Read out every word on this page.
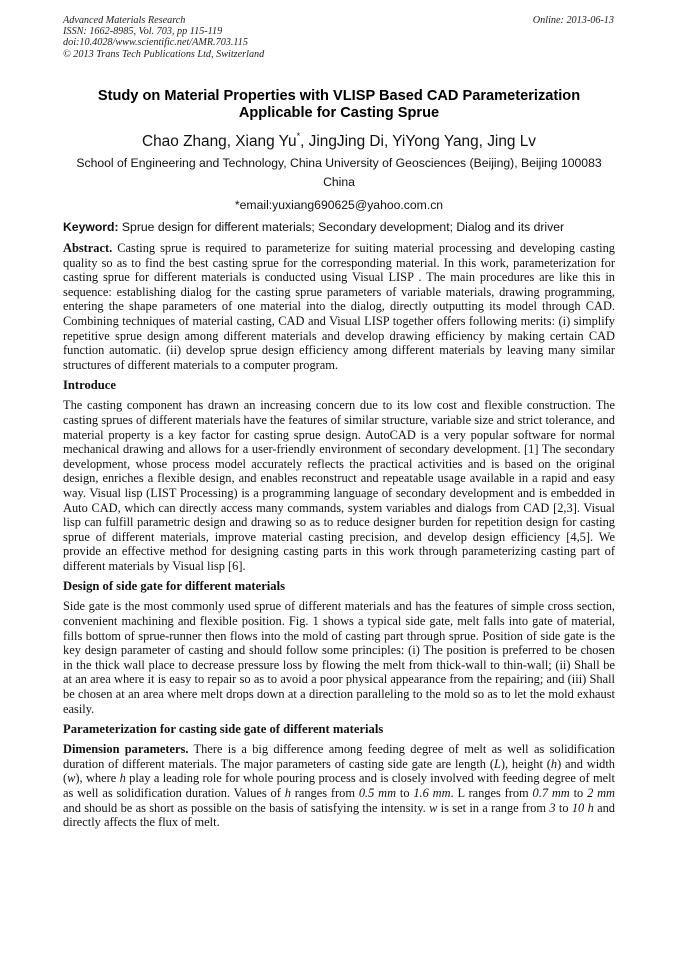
Advanced Materials Research
ISSN: 1662-8985, Vol. 703, pp 115-119
doi:10.4028/www.scientific.net/AMR.703.115
© 2013 Trans Tech Publications Ltd, Switzerland
Online: 2013-06-13
Study on Material Properties with VLISP Based CAD Parameterization Applicable for Casting Sprue
Chao Zhang, Xiang Yu*, JingJing Di, YiYong Yang, Jing Lv
School of Engineering and Technology, China University of Geosciences (Beijing), Beijing 100083 China
*email:yuxiang690625@yahoo.com.cn
Keyword: Sprue design for different materials; Secondary development; Dialog and its driver

Abstract. Casting sprue is required to parameterize for suiting material processing and developing casting quality so as to find the best casting sprue for the corresponding material. In this work, parameterization for casting sprue for different materials is conducted using Visual LISP . The main procedures are like this in sequence: establishing dialog for the casting sprue parameters of variable materials, drawing programming, entering the shape parameters of one material into the dialog, directly outputting its model through CAD. Combining techniques of material casting, CAD and Visual LISP together offers following merits: (i) simplify repetitive sprue design among different materials and develop drawing efficiency by making certain CAD function automatic. (ii) develop sprue design efficiency among different materials by leaving many similar structures of different materials to a computer program.

Introduce

The casting component has drawn an increasing concern due to its low cost and flexible construction. The casting sprues of different materials have the features of similar structure, variable size and strict tolerance, and material property is a key factor for casting sprue design. AutoCAD is a very popular software for normal mechanical drawing and allows for a user-friendly environment of secondary development. [1] The secondary development, whose process model accurately reflects the practical activities and is based on the original design, enriches a flexible design, and enables reconstruct and repeatable usage available in a rapid and easy way. Visual lisp (LIST Processing) is a programming language of secondary development and is embedded in Auto CAD, which can directly access many commands, system variables and dialogs from CAD [2,3]. Visual lisp can fulfill parametric design and drawing so as to reduce designer burden for repetition design for casting sprue of different materials, improve material casting precision, and develop design efficiency [4,5]. We provide an effective method for designing casting parts in this work through parameterizing casting part of different materials by Visual lisp [6].

Design of side gate for different materials

Side gate is the most commonly used sprue of different materials and has the features of simple cross section, convenient machining and flexible position. Fig. 1 shows a typical side gate, melt falls into gate of material, fills bottom of sprue-runner then flows into the mold of casting part through sprue. Position of side gate is the key design parameter of casting and should follow some principles: (i) The position is preferred to be chosen in the thick wall place to decrease pressure loss by flowing the melt from thick-wall to thin-wall; (ii) Shall be at an area where it is easy to repair so as to avoid a poor physical appearance from the repairing; and (iii) Shall be chosen at an area where melt drops down at a direction paralleling to the mold so as to let the mold exhaust easily.

Parameterization for casting side gate of different materials

Dimension parameters. There is a big difference among feeding degree of melt as well as solidification duration of different materials. The major parameters of casting side gate are length (L), height (h) and width (w), where h play a leading role for whole pouring process and is closely involved with feeding degree of melt as well as solidification duration. Values of h ranges from 0.5 mm to 1.6 mm. L ranges from 0.7 mm to 2 mm and should be as short as possible on the basis of satisfying the intensity. w is set in a range from 3 to 10 h and directly affects the flux of melt.
